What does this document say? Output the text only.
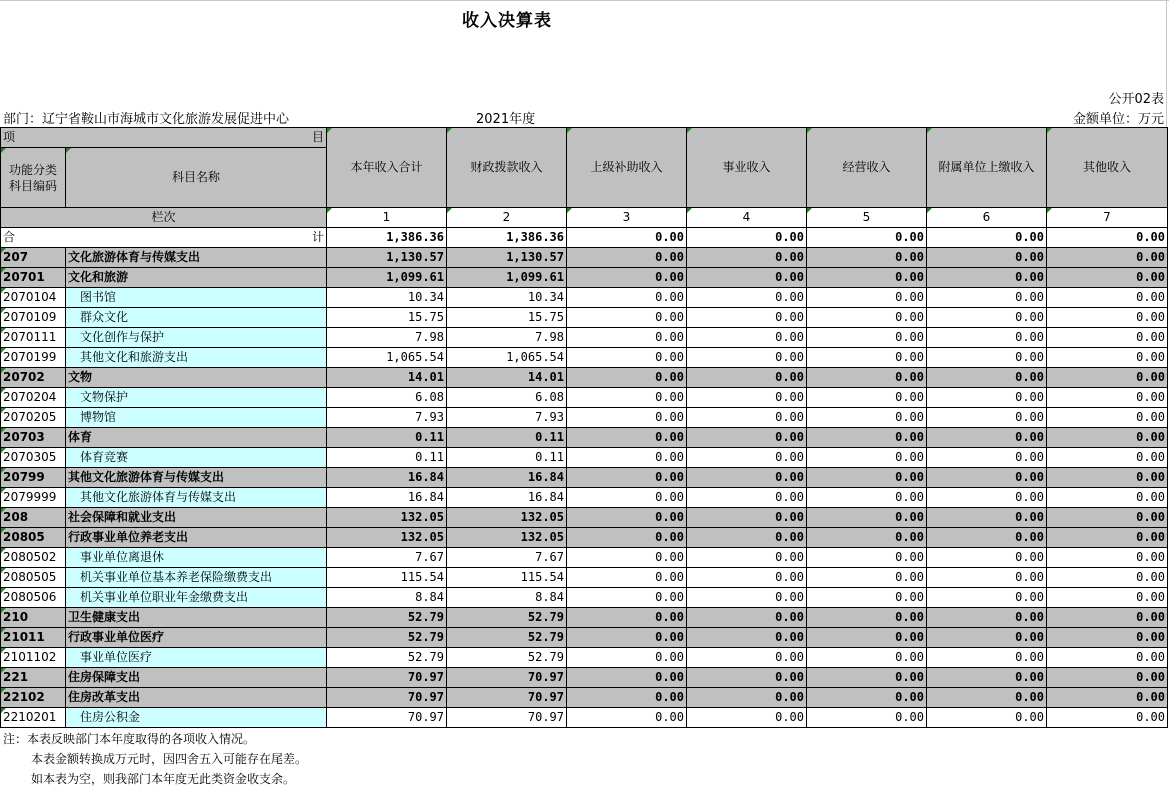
收入决算表
公开02表
部门：辽宁省鞍山市海城市文化旅游发展促进中心	2021年度	金额单位：万元
项 目		本年收入合计	财政拨款收入	上级补助收入	事业收入	经营收入	附属单位上缴收入	其他收入
功能分类
科目编码	科目名称							
栏次		1	2	3	4	5	6	7

合 计		1,386.36	1,386.36	0.00	0.00	0.00	0.00	0.00
207	文化旅游体育与传媒支出	1,130.57	1,130.57	0.00	0.00	0.00	0.00	0.00
20701	文化和旅游	1,099.61	1,099.61	0.00	0.00	0.00	0.00	0.00
2070104	图书馆	10.34	10.34	0.00	0.00	0.00	0.00	0.00
2070109	群众文化	15.75	15.75	0.00	0.00	0.00	0.00	0.00
2070111	文化创作与保护	7.98	7.98	0.00	0.00	0.00	0.00	0.00
2070199	其他文化和旅游支出	1,065.54	1,065.54	0.00	0.00	0.00	0.00	0.00
20702	文物	14.01	14.01	0.00	0.00	0.00	0.00	0.00
2070204	文物保护	6.08	6.08	0.00	0.00	0.00	0.00	0.00
2070205	博物馆	7.93	7.93	0.00	0.00	0.00	0.00	0.00
20703	体育	0.11	0.11	0.00	0.00	0.00	0.00	0.00
2070305	体育竞赛	0.11	0.11	0.00	0.00	0.00	0.00	0.00
20799	其他文化旅游体育与传媒支出	16.84	16.84	0.00	0.00	0.00	0.00	0.00
2079999	其他文化旅游体育与传媒支出	16.84	16.84	0.00	0.00	0.00	0.00	0.00
208	社会保障和就业支出	132.05	132.05	0.00	0.00	0.00	0.00	0.00
20805	行政事业单位养老支出	132.05	132.05	0.00	0.00	0.00	0.00	0.00
2080502	事业单位离退休	7.67	7.67	0.00	0.00	0.00	0.00	0.00
2080505	机关事业单位基本养老保险缴费支出	115.54	115.54	0.00	0.00	0.00	0.00	0.00
2080506	机关事业单位职业年金缴费支出	8.84	8.84	0.00	0.00	0.00	0.00	0.00
210	卫生健康支出	52.79	52.79	0.00	0.00	0.00	0.00	0.00
21011	行政事业单位医疗	52.79	52.79	0.00	0.00	0.00	0.00	0.00
2101102	事业单位医疗	52.79	52.79	0.00	0.00	0.00	0.00	0.00
221	住房保障支出	70.97	70.97	0.00	0.00	0.00	0.00	0.00
22102	住房改革支出	70.97	70.97	0.00	0.00	0.00	0.00	0.00
2210201	住房公积金	70.97	70.97	0.00	0.00	0.00	0.00	0.00
注：本表反映部门本年度取得的各项收入情况。
本表金额转换成万元时，因四舍五入可能存在尾差。
如本表为空，则我部门本年度无此类资金收支余。
